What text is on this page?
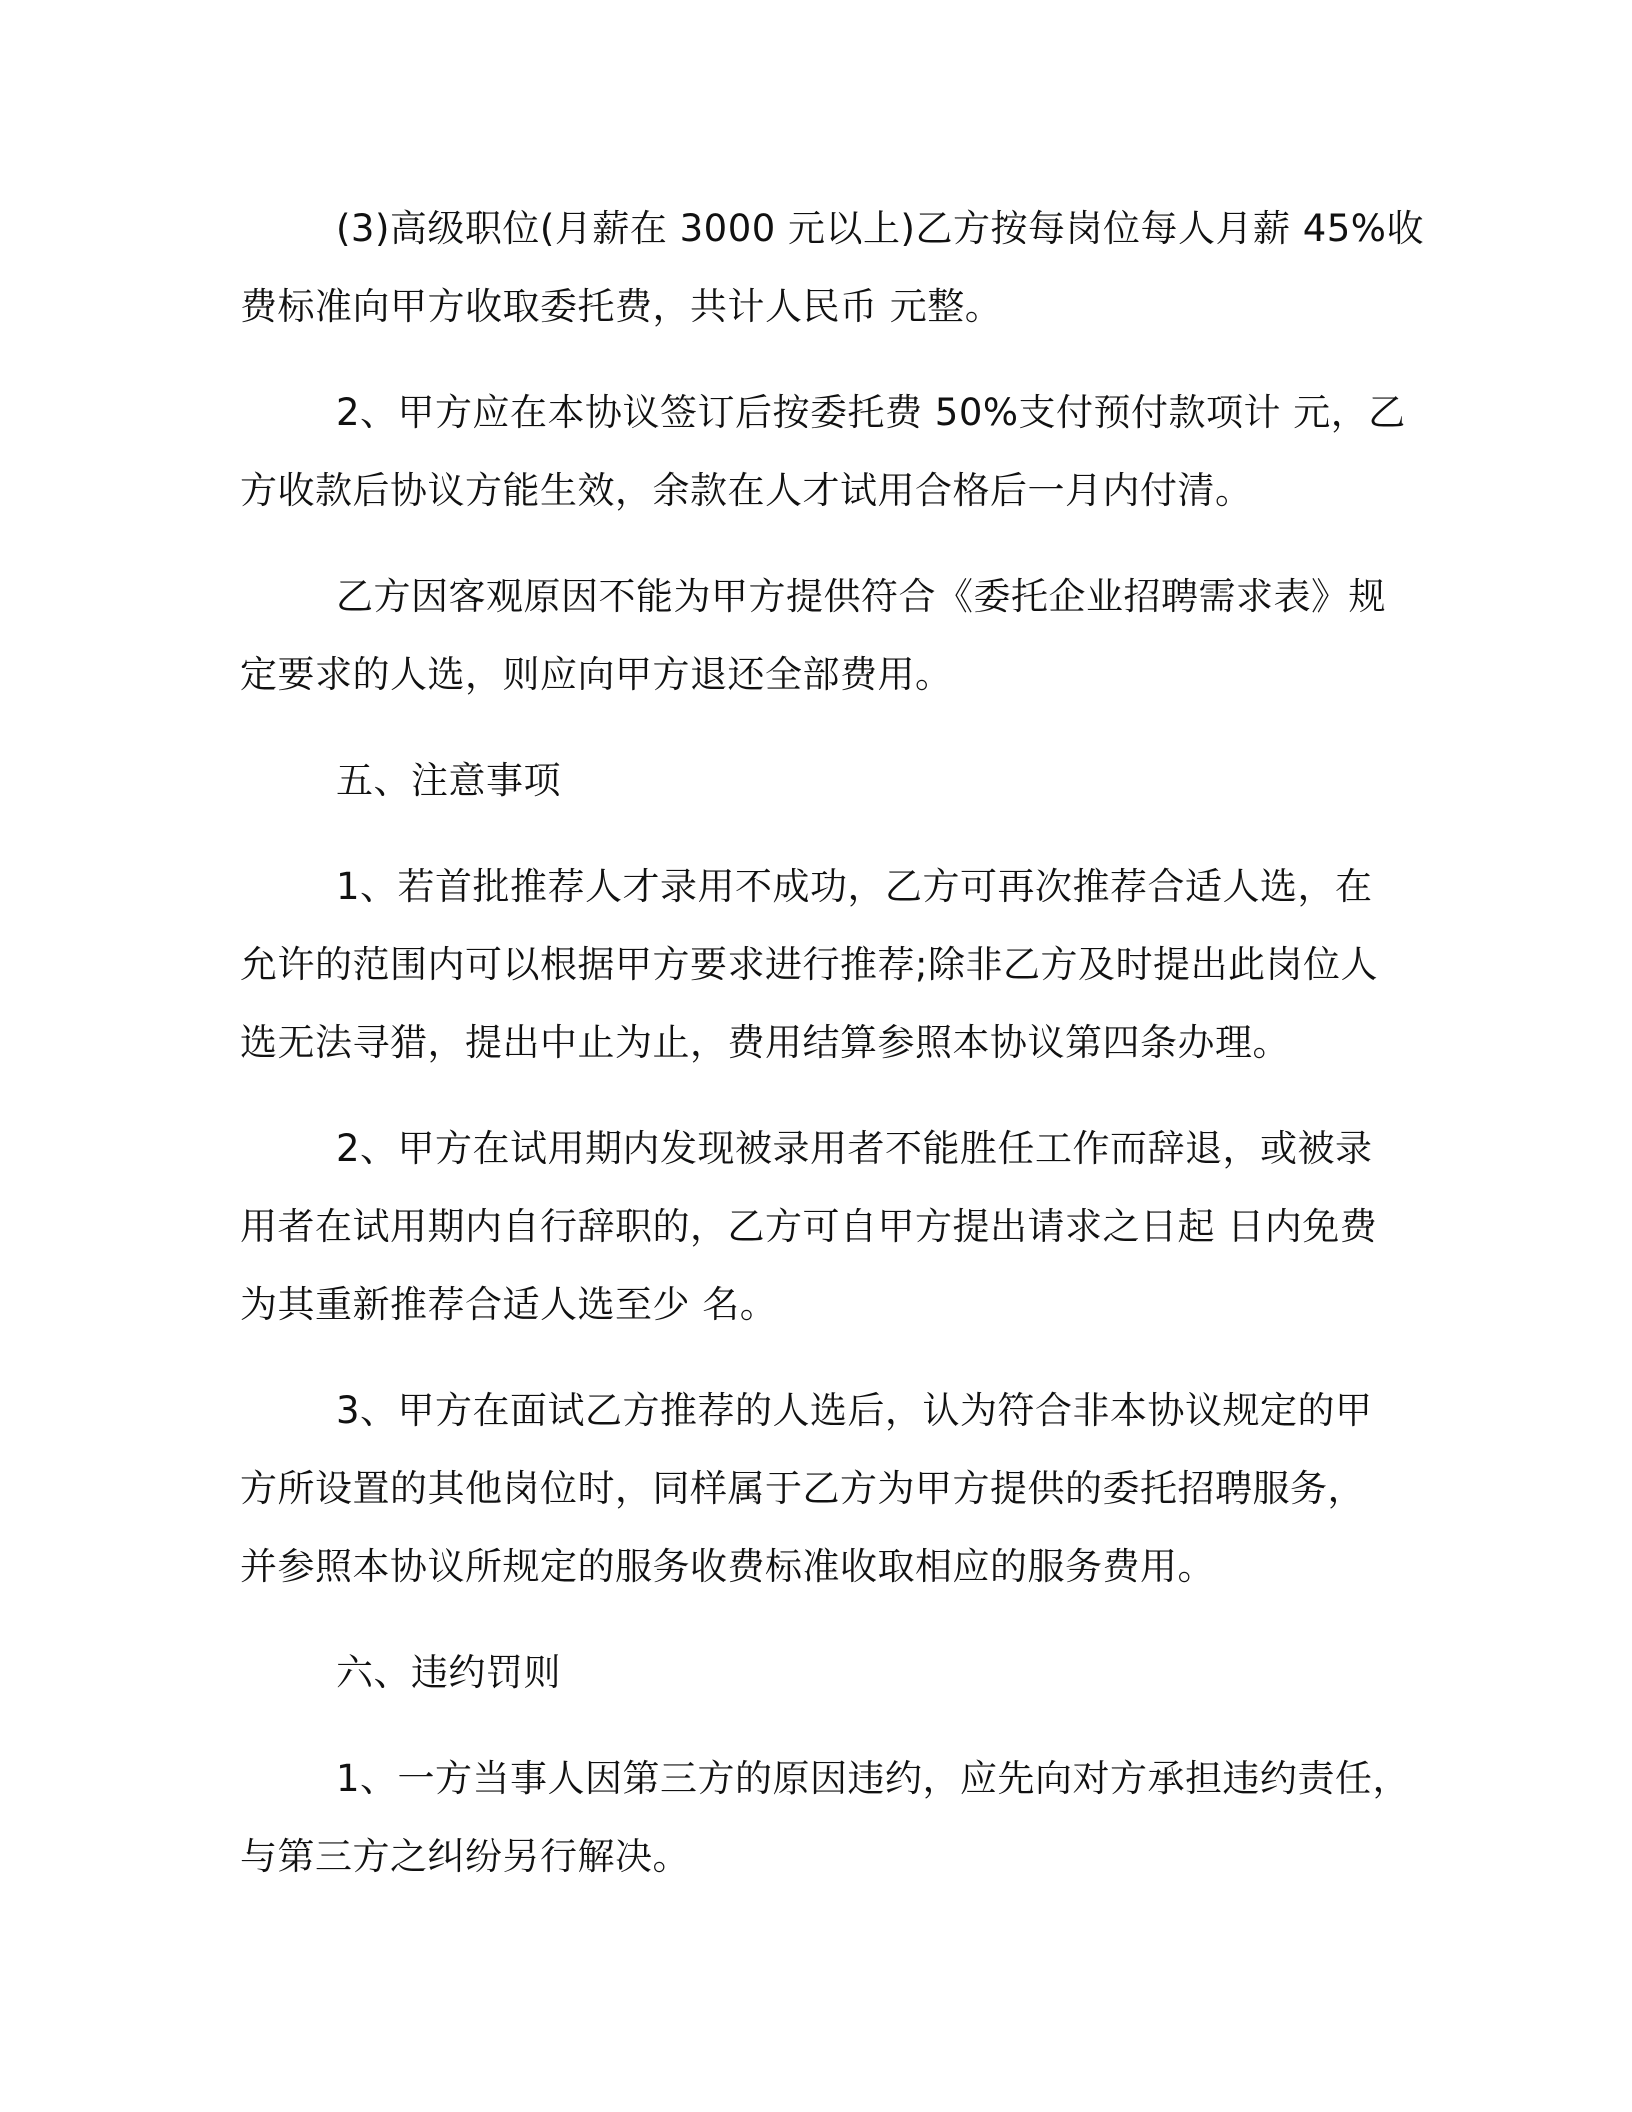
(3)高级职位(月薪在 3000 元以上)乙方按每岗位每人月薪 45%收
费标准向甲方收取委托费，共计人民币 元整。

2、甲方应在本协议签订后按委托费 50%支付预付款项计 元，乙
方收款后协议方能生效，余款在人才试用合格后一月内付清。

乙方因客观原因不能为甲方提供符合《委托企业招聘需求表》规
定要求的人选，则应向甲方退还全部费用。

五、注意事项

1、若首批推荐人才录用不成功，乙方可再次推荐合适人选，在
允许的范围内可以根据甲方要求进行推荐;除非乙方及时提出此岗位人
选无法寻猎，提出中止为止，费用结算参照本协议第四条办理。

2、甲方在试用期内发现被录用者不能胜任工作而辞退，或被录
用者在试用期内自行辞职的，乙方可自甲方提出请求之日起 日内免费
为其重新推荐合适人选至少 名。

3、甲方在面试乙方推荐的人选后，认为符合非本协议规定的甲
方所设置的其他岗位时，同样属于乙方为甲方提供的委托招聘服务，
并参照本协议所规定的服务收费标准收取相应的服务费用。

六、违约罚则

1、一方当事人因第三方的原因违约，应先向对方承担违约责任，
与第三方之纠纷另行解决。
